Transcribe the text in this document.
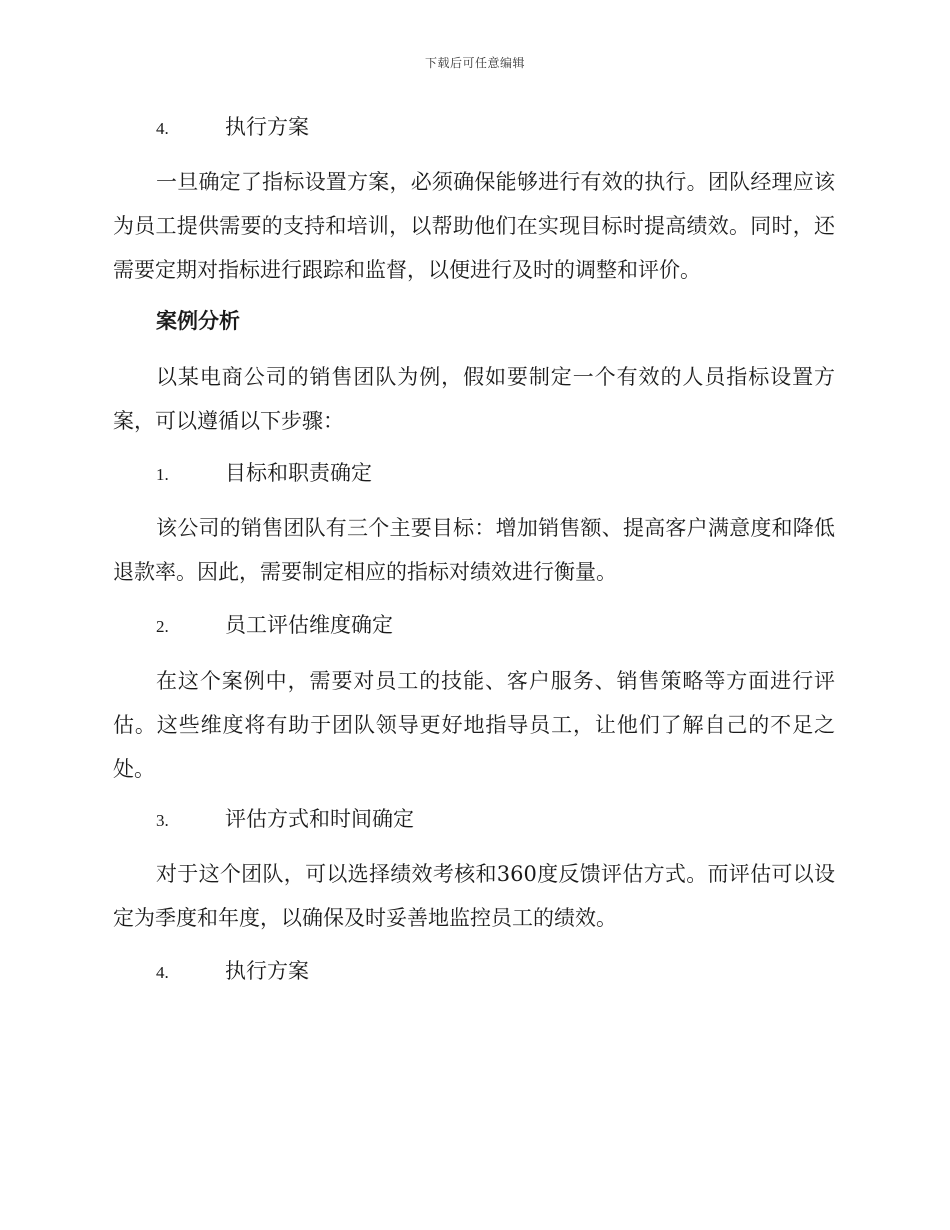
下载后可任意编辑
4.	执行方案
一旦确定了指标设置方案，必须确保能够进行有效的执行。团队经理应该为员工提供需要的支持和培训，以帮助他们在实现目标时提高绩效。同时，还需要定期对指标进行跟踪和监督，以便进行及时的调整和评价。
案例分析
以某电商公司的销售团队为例，假如要制定一个有效的人员指标设置方案，可以遵循以下步骤：
1.	目标和职责确定
该公司的销售团队有三个主要目标：增加销售额、提高客户满意度和降低退款率。因此，需要制定相应的指标对绩效进行衡量。
2.	员工评估维度确定
在这个案例中，需要对员工的技能、客户服务、销售策略等方面进行评估。这些维度将有助于团队领导更好地指导员工，让他们了解自己的不足之处。
3.	评估方式和时间确定
对于这个团队，可以选择绩效考核和360度反馈评估方式。而评估可以设定为季度和年度，以确保及时妥善地监控员工的绩效。
4.	执行方案
